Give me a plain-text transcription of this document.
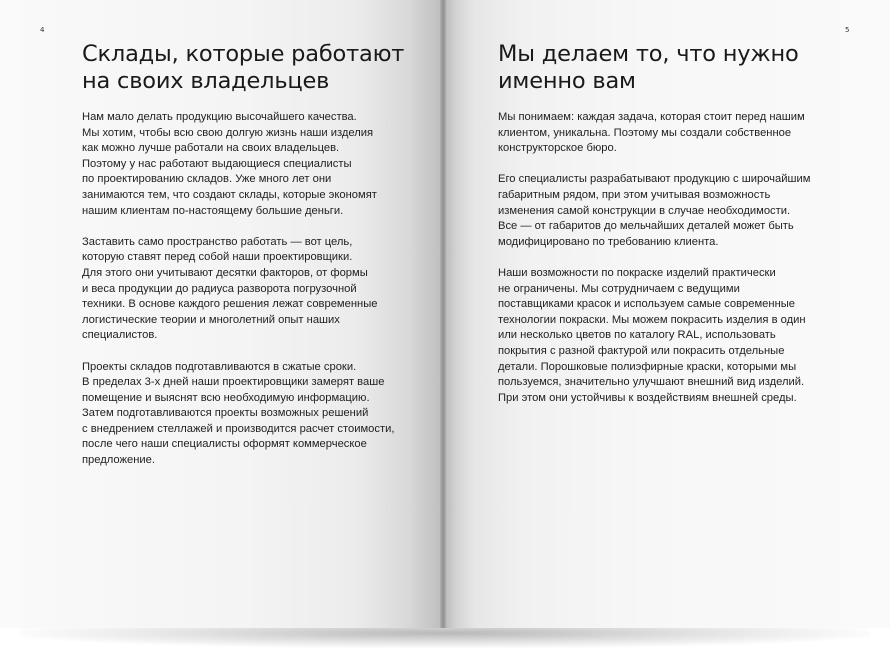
4
Склады, которые работают
на своих владельцев

Нам мало делать продукцию высочайшего качества.
Мы хотим, чтобы всю свою долгую жизнь наши изделия
как можно лучше работали на своих владельцев.
Поэтому у нас работают выдающиеся специалисты
по проектированию складов. Уже много лет они
занимаются тем, что создают склады, которые экономят
нашим клиентам по-настоящему большие деньги.

Заставить само пространство работать — вот цель,
которую ставят перед собой наши проектировщики.
Для этого они учитывают десятки факторов, от формы
и веса продукции до радиуса разворота погрузочной
техники. В основе каждого решения лежат современные
логистические теории и многолетний опыт наших
специалистов.

Проекты складов подготавливаются в сжатые сроки.
В пределах 3-х дней наши проектировщики замерят ваше
помещение и выяснят всю необходимую информацию.
Затем подготавливаются проекты возможных решений
с внедрением стеллажей и производится расчет стоимости,
после чего наши специалисты оформят коммерческое
предложение.

5
Мы делаем то, что нужно
именно вам

Мы понимаем: каждая задача, которая стоит перед нашим
клиентом, уникальна. Поэтому мы создали собственное
конструкторское бюро.

Его специалисты разрабатывают продукцию с широчайшим
габаритным рядом, при этом учитывая возможность
изменения самой конструкции в случае необходимости.
Все — от габаритов до мельчайших деталей может быть
модифицировано по требованию клиента.

Наши возможности по покраске изделий практически
не ограничены. Мы сотрудничаем с ведущими
поставщиками красок и используем самые современные
технологии покраски. Мы можем покрасить изделия в один
или несколько цветов по каталогу RAL, использовать
покрытия с разной фактурой или покрасить отдельные
детали. Порошковые полиэфирные краски, которыми мы
пользуемся, значительно улучшают внешний вид изделий.
При этом они устойчивы к воздействиям внешней среды.
